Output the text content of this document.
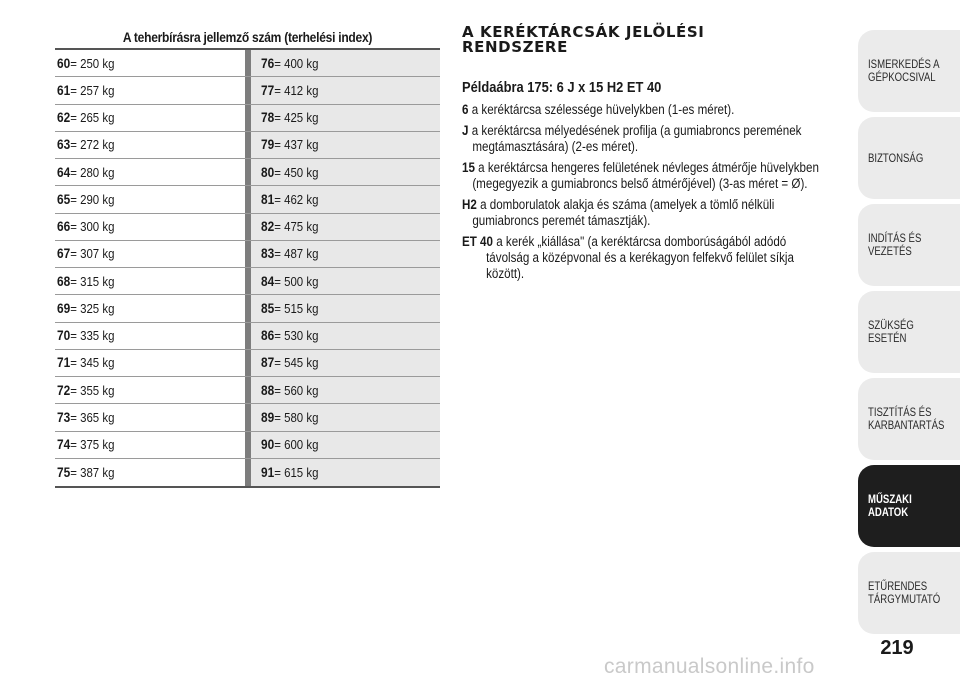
A teherbírásra jellemző szám (terhelési index)
60= 250 kg	76= 400 kg
61= 257 kg	77= 412 kg
62= 265 kg	78= 425 kg
63= 272 kg	79= 437 kg
64= 280 kg	80= 450 kg
65= 290 kg	81= 462 kg
66= 300 kg	82= 475 kg
67= 307 kg	83= 487 kg
68= 315 kg	84= 500 kg
69= 325 kg	85= 515 kg
70= 335 kg	86= 530 kg
71= 345 kg	87= 545 kg
72= 355 kg	88= 560 kg
73= 365 kg	89= 580 kg
74= 375 kg	90= 600 kg
75= 387 kg	91= 615 kg
A KERÉKTÁRCSÁK JELÖLÉSI
RENDSZERE
Példaábra 175: 6 J x 15 H2 ET 40
6 a keréktárcsa szélessége hüvelykben (1-es méret).
J a keréktárcsa mélyedésének profilja (a gumiabroncs peremének
megtámasztására) (2-es méret).
15 a keréktárcsa hengeres felületének névleges átmérője hüvelykben
(megegyezik a gumiabroncs belső átmérőjével) (3-as méret = Ø).
H2 a domborulatok alakja és száma (amelyek a tömlő nélküli
gumiabroncs peremét támasztják).
ET 40 a kerék „kiállása" (a keréktárcsa domborúságából adódó
távolság a középvonal és a kerékagyon felfekvő felület síkja
között).
ISMERKEDÉS A
GÉPKOCSIVAL
BIZTONSÁG
INDÍTÁS ÉS VEZETÉS
SZÜKSÉG ESETÉN
TISZTÍTÁS ÉS
KARBANTARTÁS
MŰSZAKI
ADATOK
ETŰRENDES
TÁRGYMUTATÓ
219
carmanualsonline.info
